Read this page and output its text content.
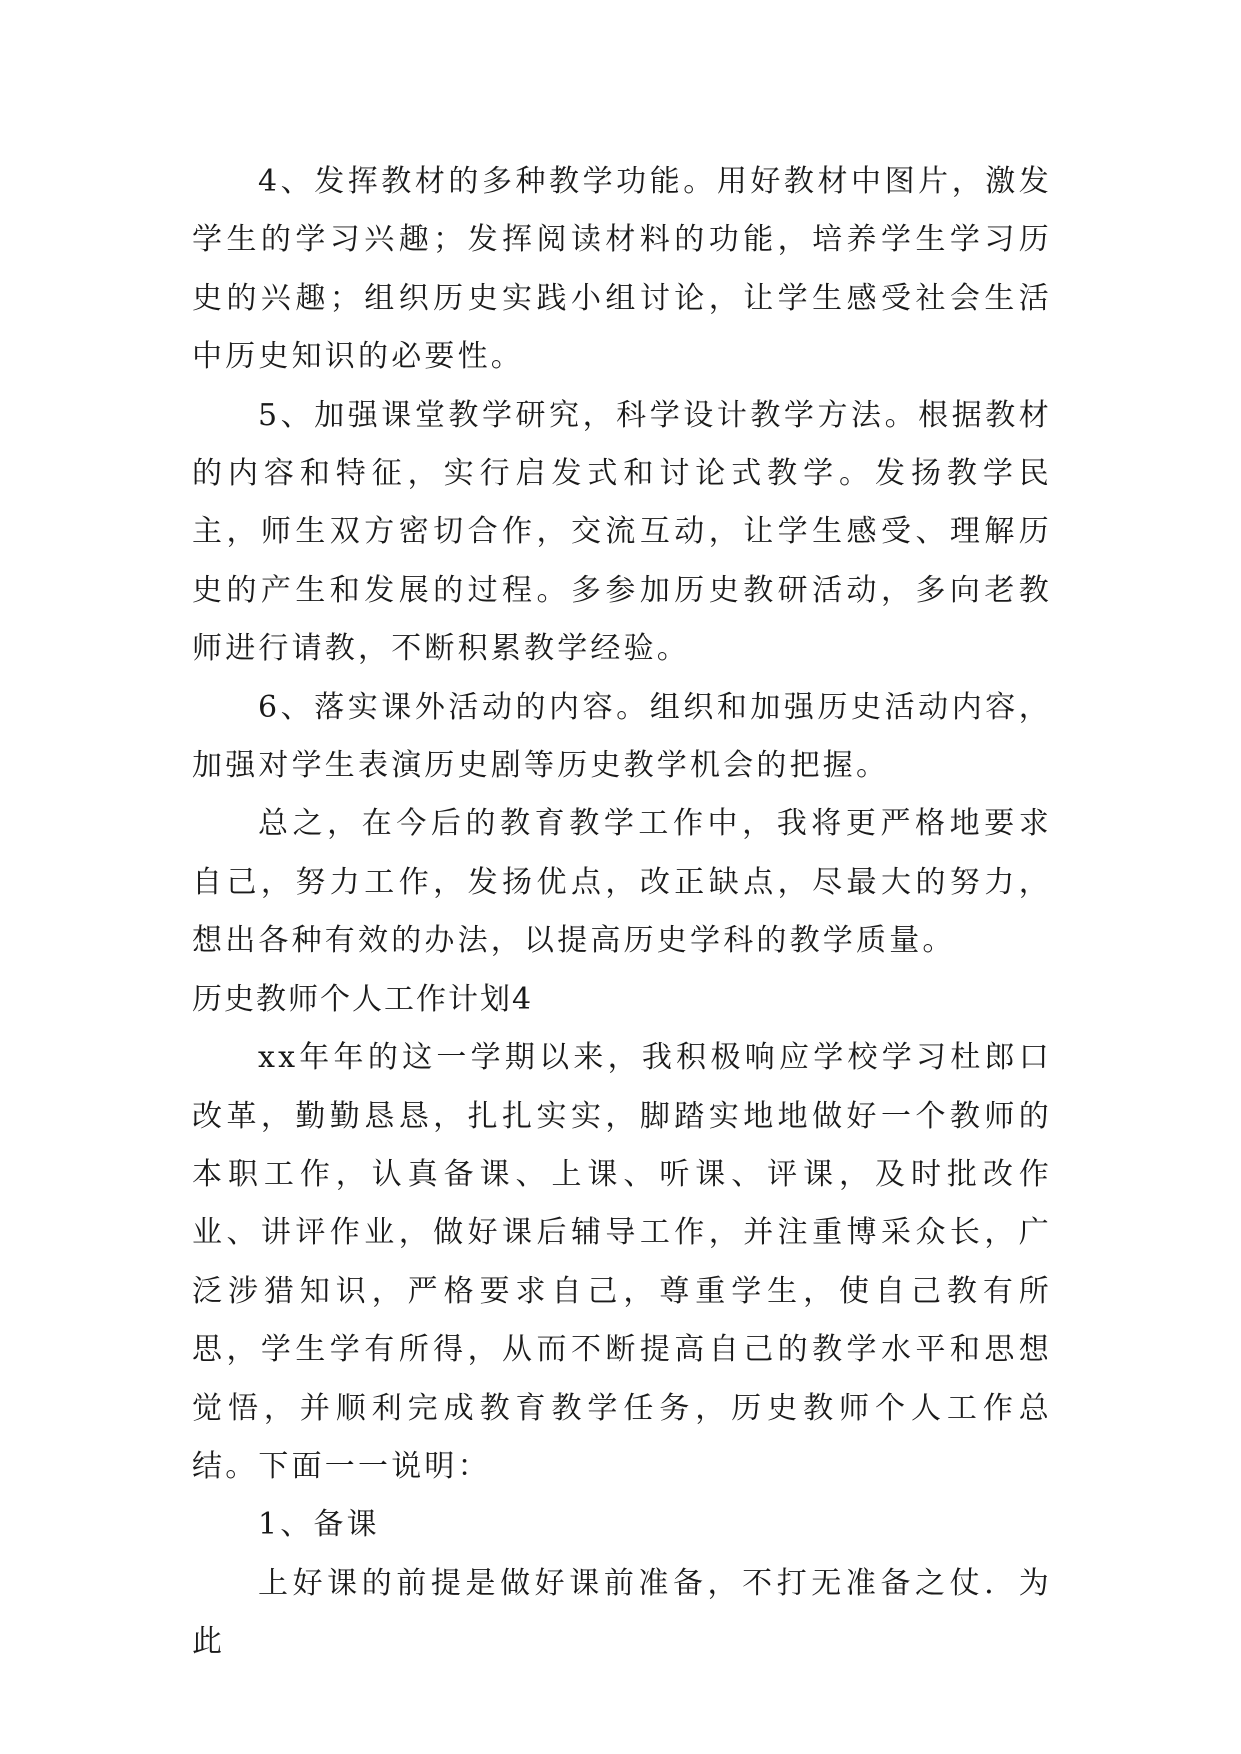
4、发挥教材的多种教学功能。用好教材中图片，激发学生的学习兴趣；发挥阅读材料的功能，培养学生学习历史的兴趣；组织历史实践小组讨论，让学生感受社会生活中历史知识的必要性。

5、加强课堂教学研究，科学设计教学方法。根据教材的内容和特征，实行启发式和讨论式教学。发扬教学民主，师生双方密切合作，交流互动，让学生感受、理解历史的产生和发展的过程。多参加历史教研活动，多向老教师进行请教，不断积累教学经验。

6、落实课外活动的内容。组织和加强历史活动内容，加强对学生表演历史剧等历史教学机会的把握。

总之，在今后的教育教学工作中，我将更严格地要求自己，努力工作，发扬优点，改正缺点，尽最大的努力，想出各种有效的办法，以提高历史学科的教学质量。

历史教师个人工作计划4

xx年年的这一学期以来，我积极响应学校学习杜郎口改革，勤勤恳恳，扎扎实实，脚踏实地地做好一个教师的本职工作，认真备课、上课、听课、评课，及时批改作业、讲评作业，做好课后辅导工作，并注重博采众长，广泛涉猎知识，严格要求自己，尊重学生，使自己教有所思，学生学有所得，从而不断提高自己的教学水平和思想觉悟，并顺利完成教育教学任务，历史教师个人工作总结。下面一一说明：

1、备课

上好课的前提是做好课前准备，不打无准备之仗．为此
